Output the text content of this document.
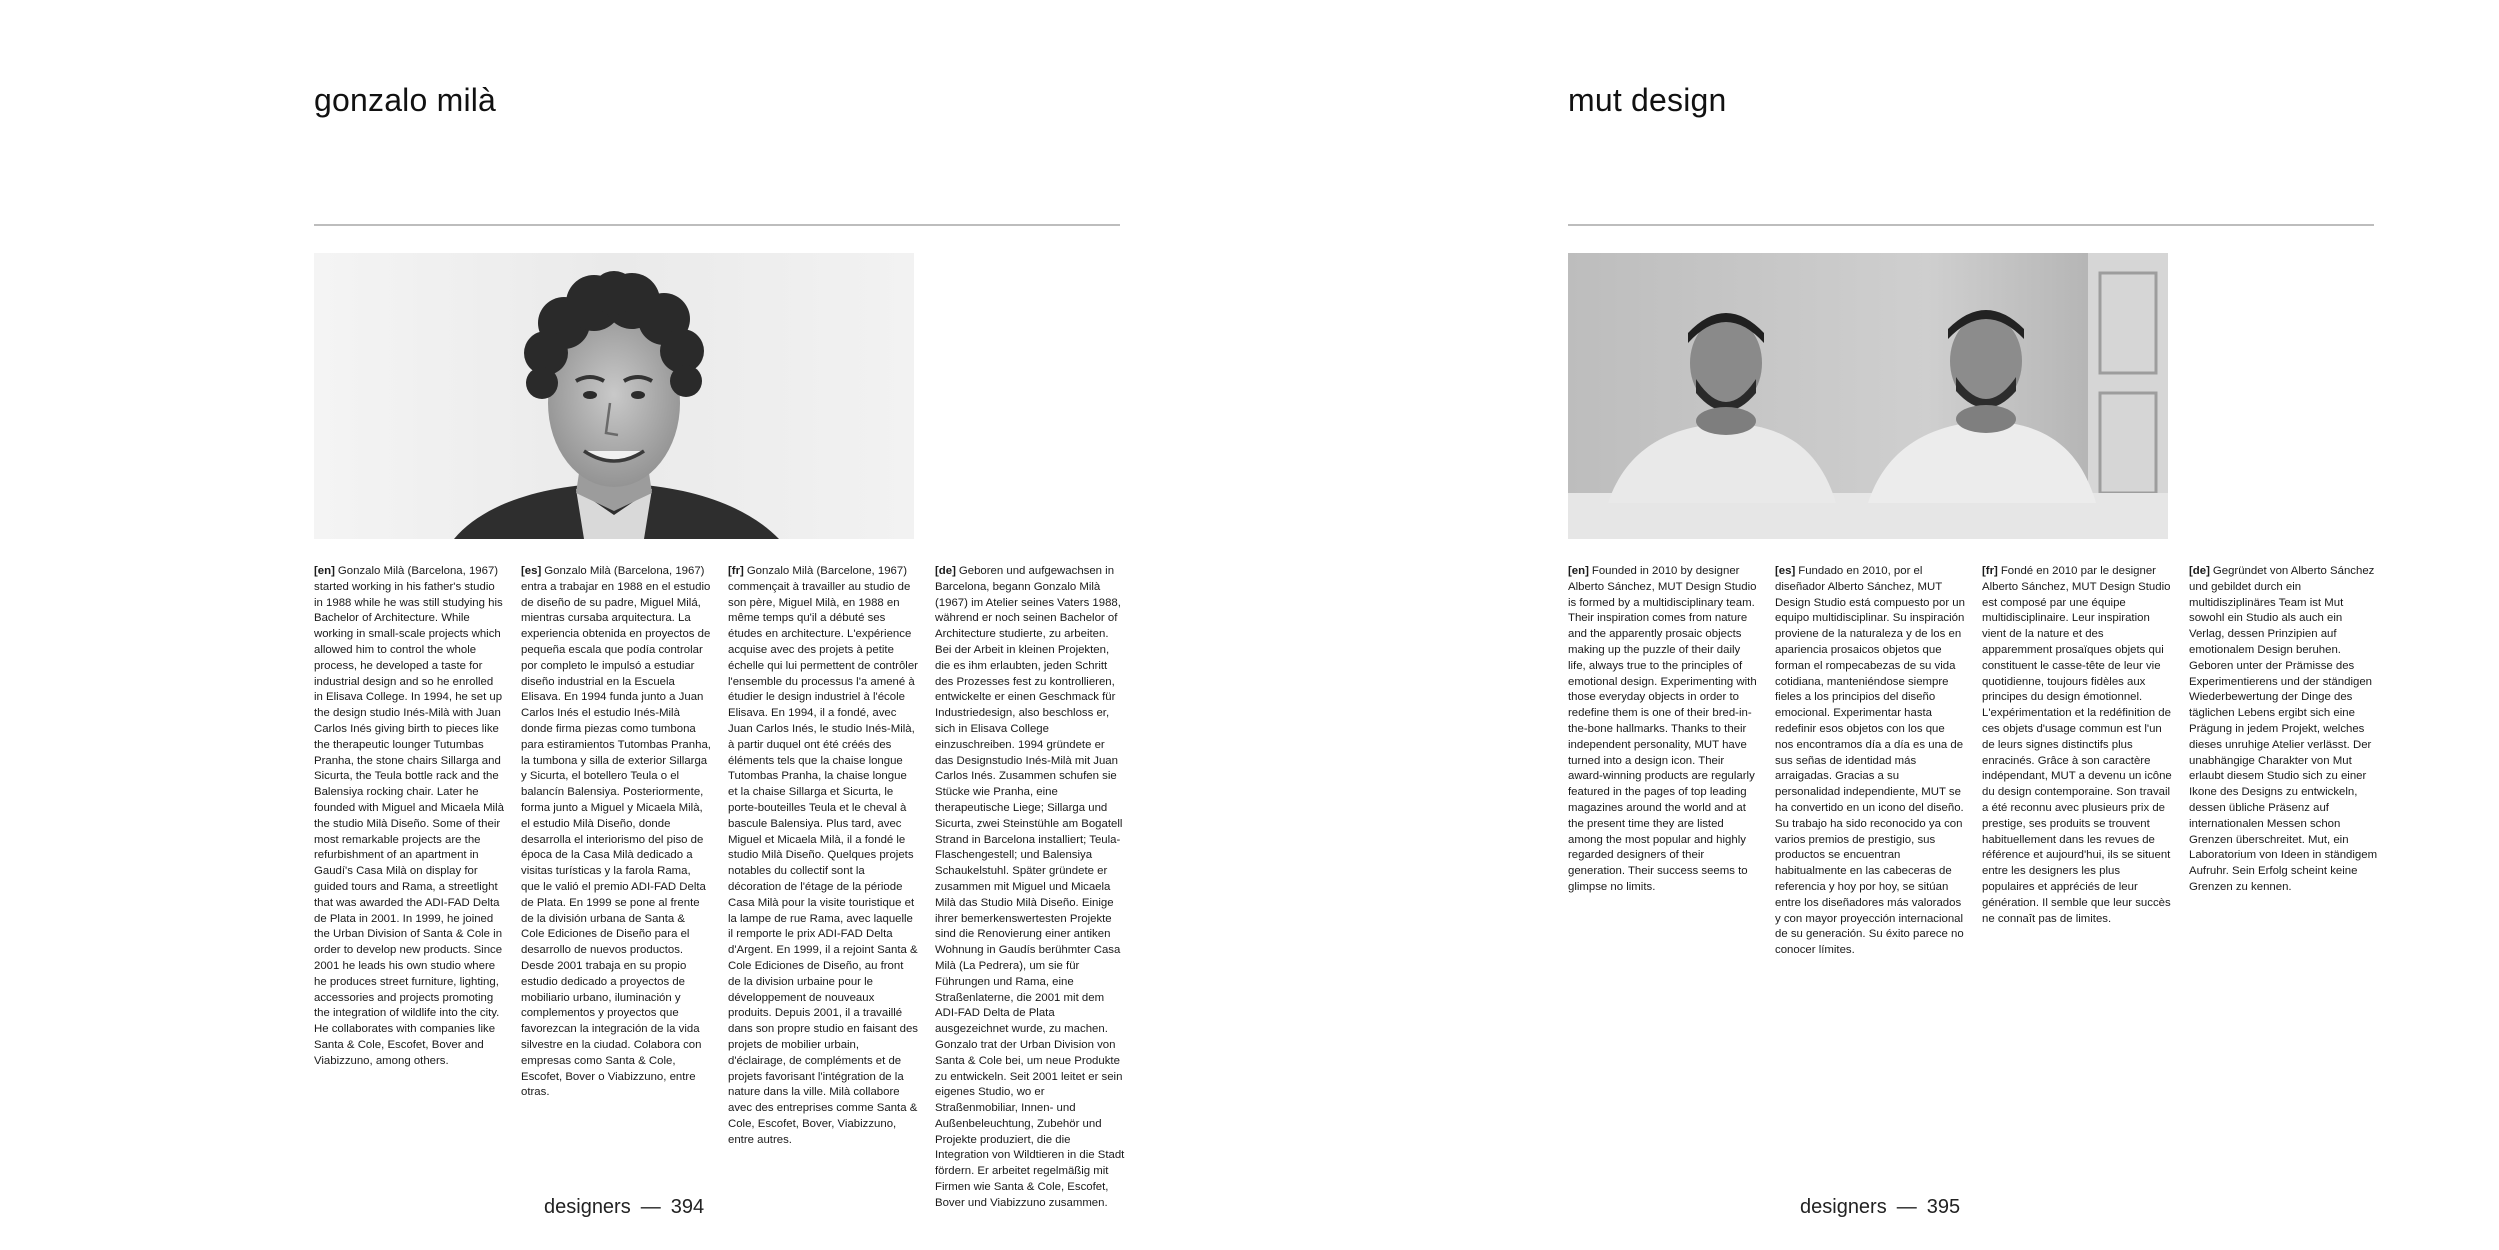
gonzalo milà

[en] Gonzalo Milà (Barcelona, 1967) started working in his father's studio in 1988 while he was still studying his Bachelor of Architecture. While working in small-scale projects which allowed him to control the whole process, he developed a taste for industrial design and so he enrolled in Elisava College. In 1994, he set up the design studio Inés-Milà with Juan Carlos Inés giving birth to pieces like the therapeutic lounger Tutumbas Pranha, the stone chairs Sillarga and Sicurta, the Teula bottle rack and the Balensiya rocking chair. Later he founded with Miguel and Micaela Milà the studio Milà Diseño. Some of their most remarkable projects are the refurbishment of an apartment in Gaudí's Casa Milà on display for guided tours and Rama, a streetlight that was awarded the ADI-FAD Delta de Plata in 2001. In 1999, he joined the Urban Division of Santa & Cole in order to develop new products. Since 2001 he leads his own studio where he produces street furniture, lighting, accessories and projects promoting the integration of wildlife into the city. He collaborates with companies like Santa & Cole, Escofet, Bover and Viabizzuno, among others.

[es] Gonzalo Milà (Barcelona, 1967) entra a trabajar en 1988 en el estudio de diseño de su padre, Miguel Milá, mientras cursaba arquitectura. La experiencia obtenida en proyectos de pequeña escala que podía controlar por completo le impulsó a estudiar diseño industrial en la Escuela Elisava. En 1994 funda junto a Juan Carlos Inés el estudio Inés-Milà donde firma piezas como tumbona para estiramientos Tutombas Pranha, la tumbona y silla de exterior Sillarga y Sicurta, el botellero Teula o el balancín Balensiya. Posteriormente, forma junto a Miguel y Micaela Milà, el estudio Milà Diseño, donde desarrolla el interiorismo del piso de época de la Casa Milà dedicado a visitas turísticas y la farola Rama, que le valió el premio ADI-FAD Delta de Plata. En 1999 se pone al frente de la división urbana de Santa & Cole Ediciones de Diseño para el desarrollo de nuevos productos. Desde 2001 trabaja en su propio estudio dedicado a proyectos de mobiliario urbano, iluminación y complementos y proyectos que favorezcan la integración de la vida silvestre en la ciudad. Colabora con empresas como Santa & Cole, Escofet, Bover o Viabizzuno, entre otras.

[fr] Gonzalo Milà (Barcelone, 1967) commençait à travailler au studio de son père, Miguel Milà, en 1988 en même temps qu'il a débuté ses études en architecture. L'expérience acquise avec des projets à petite échelle qui lui permettent de contrôler l'ensemble du processus l'a amené à étudier le design industriel à l'école Elisava. En 1994, il a fondé, avec Juan Carlos Inés, le studio Inés-Milà, à partir duquel ont été créés des éléments tels que la chaise longue Tutombas Pranha, la chaise longue et la chaise Sillarga et Sicurta, le porte-bouteilles Teula et le cheval à bascule Balensiya. Plus tard, avec Miguel et Micaela Milà, il a fondé le studio Milà Diseño. Quelques projets notables du collectif sont la décoration de l'étage de la période Casa Milà pour la visite touristique et la lampe de rue Rama, avec laquelle il remporte le prix ADI-FAD Delta d'Argent. En 1999, il a rejoint Santa & Cole Ediciones de Diseño, au front de la division urbaine pour le développement de nouveaux produits. Depuis 2001, il a travaillé dans son propre studio en faisant des projets de mobilier urbain, d'éclairage, de compléments et de projets favorisant l'intégration de la nature dans la ville. Milà collabore avec des entreprises comme Santa & Cole, Escofet, Bover, Viabizzuno, entre autres.

[de] Geboren und aufgewachsen in Barcelona, begann Gonzalo Milà (1967) im Atelier seines Vaters 1988, während er noch seinen Bachelor of Architecture studierte, zu arbeiten. Bei der Arbeit in kleinen Projekten, die es ihm erlaubten, jeden Schritt des Prozesses fest zu kontrollieren, entwickelte er einen Geschmack für Industriedesign, also beschloss er, sich in Elisava College einzuschreiben. 1994 gründete er das Designstudio Inés-Milà mit Juan Carlos Inés. Zusammen schufen sie Stücke wie Pranha, eine therapeutische Liege; Sillarga und Sicurta, zwei Steinstühle am Bogatell Strand in Barcelona installiert; Teula-Flaschengestell; und Balensiya Schaukelstuhl. Später gründete er zusammen mit Miguel und Micaela Milà das Studio Milà Diseño. Einige ihrer bemerkenswertesten Projekte sind die Renovierung einer antiken Wohnung in Gaudís berühmter Casa Milà (La Pedrera), um sie für Führungen und Rama, eine Straßenlaterne, die 2001 mit dem ADI-FAD Delta de Plata ausgezeichnet wurde, zu machen. Gonzalo trat der Urban Division von Santa & Cole bei, um neue Produkte zu entwickeln. Seit 2001 leitet er sein eigenes Studio, wo er Straßenmobiliar, Innen- und Außenbeleuchtung, Zubehör und Projekte produziert, die die Integration von Wildtieren in die Stadt fördern. Er arbeitet regelmäßig mit Firmen wie Santa & Cole, Escofet, Bover und Viabizzuno zusammen.

designers — 394
mut design

[en] Founded in 2010 by designer Alberto Sánchez, MUT Design Studio is formed by a multidisciplinary team. Their inspiration comes from nature and the apparently prosaic objects making up the puzzle of their daily life, always true to the principles of emotional design. Experimenting with those everyday objects in order to redefine them is one of their bred-in-the-bone hallmarks. Thanks to their independent personality, MUT have turned into a design icon. Their award-winning products are regularly featured in the pages of top leading magazines around the world and at the present time they are listed among the most popular and highly regarded designers of their generation. Their success seems to glimpse no limits.

[es] Fundado en 2010, por el diseñador Alberto Sánchez, MUT Design Studio está compuesto por un equipo multidisciplinar. Su inspiración proviene de la naturaleza y de los en apariencia prosaicos objetos que forman el rompecabezas de su vida cotidiana, manteniéndose siempre fieles a los principios del diseño emocional. Experimentar hasta redefinir esos objetos con los que nos encontramos día a día es una de sus señas de identidad más arraigadas. Gracias a su personalidad independiente, MUT se ha convertido en un icono del diseño. Su trabajo ha sido reconocido ya con varios premios de prestigio, sus productos se encuentran habitualmente en las cabeceras de referencia y hoy por hoy, se sitúan entre los diseñadores más valorados y con mayor proyección internacional de su generación. Su éxito parece no conocer límites.

[fr] Fondé en 2010 par le designer Alberto Sánchez, MUT Design Studio est composé par une équipe multidisciplinaire. Leur inspiration vient de la nature et des apparemment prosaïques objets qui constituent le casse-tête de leur vie quotidienne, toujours fidèles aux principes du design émotionnel. L'expérimentation et la redéfinition de ces objets d'usage commun est l'un de leurs signes distinctifs plus enracinés. Grâce à son caractère indépendant, MUT a devenu un icône du design contemporaine. Son travail a été reconnu avec plusieurs prix de prestige, ses produits se trouvent habituellement dans les revues de référence et aujourd'hui, ils se situent entre les designers les plus populaires et appréciés de leur génération. Il semble que leur succès ne connaît pas de limites.

[de] Gegründet von Alberto Sánchez und gebildet durch ein multidisziplinäres Team ist Mut sowohl ein Studio als auch ein Verlag, dessen Prinzipien auf emotionalem Design beruhen. Geboren unter der Prämisse des Experimentierens und der ständigen Wiederbewertung der Dinge des täglichen Lebens ergibt sich eine Prägung in jedem Projekt, welches dieses unruhige Atelier verlässt. Der unabhängige Charakter von Mut erlaubt diesem Studio sich zu einer Ikone des Designs zu entwickeln, dessen übliche Präsenz auf internationalen Messen schon Grenzen überschreitet. Mut, ein Laboratorium von Ideen in ständigem Aufruhr. Sein Erfolg scheint keine Grenzen zu kennen.

designers — 395
